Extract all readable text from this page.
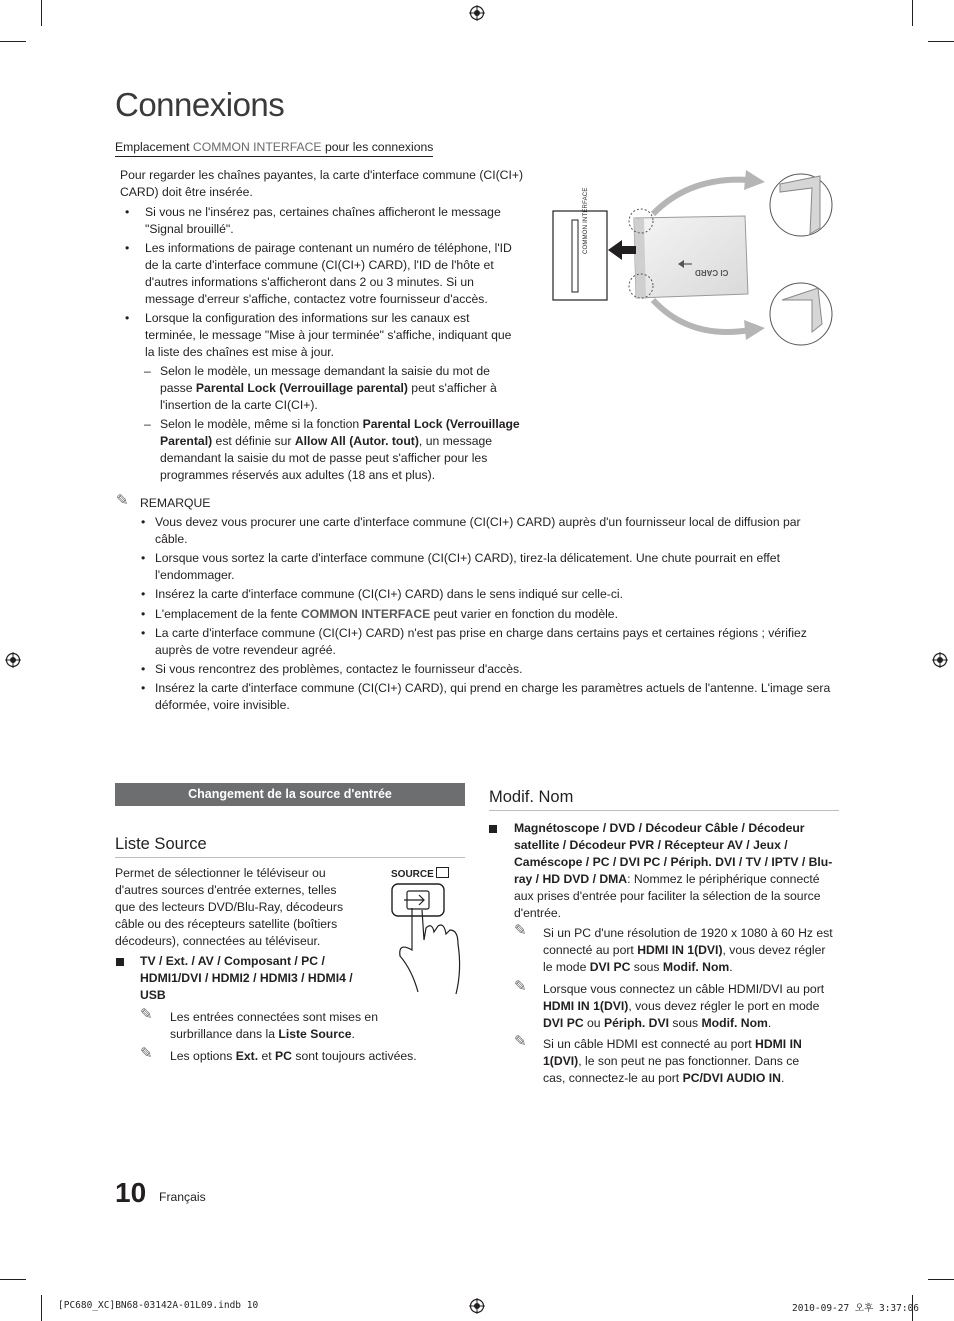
Connexions
Emplacement COMMON INTERFACE pour les connexions
Pour regarder les chaînes payantes, la carte d'interface commune (CI(CI+) CARD) doit être insérée.
• Si vous ne l'insérez pas, certaines chaînes afficheront le message "Signal brouillé".
• Les informations de pairage contenant un numéro de téléphone, l'ID de la carte d'interface commune (CI(CI+) CARD), l'ID de l'hôte et d'autres informations s'afficheront dans 2 ou 3 minutes. Si un message d'erreur s'affiche, contactez votre fournisseur d'accès.
• Lorsque la configuration des informations sur les canaux est terminée, le message "Mise à jour terminée" s'affiche, indiquant que la liste des chaînes est mise à jour.
– Selon le modèle, un message demandant la saisie du mot de passe Parental Lock (Verrouillage parental) peut s'afficher à l'insertion de la carte CI(CI+).
– Selon le modèle, même si la fonction Parental Lock (Verrouillage Parental) est définie sur Allow All (Autor. tout), un message demandant la saisie du mot de passe peut s'afficher pour les programmes réservés aux adultes (18 ans et plus).
COMMON INTERFACE
CI CARD
✎ REMARQUE
• Vous devez vous procurer une carte d'interface commune (CI(CI+) CARD) auprès d'un fournisseur local de diffusion par câble.
• Lorsque vous sortez la carte d'interface commune (CI(CI+) CARD), tirez-la délicatement. Une chute pourrait en effet l'endommager.
• Insérez la carte d'interface commune (CI(CI+) CARD) dans le sens indiqué sur celle-ci.
• L'emplacement de la fente COMMON INTERFACE peut varier en fonction du modèle.
• La carte d'interface commune (CI(CI+) CARD) n'est pas prise en charge dans certains pays et certaines régions ; vérifiez auprès de votre revendeur agréé.
• Si vous rencontrez des problèmes, contactez le fournisseur d'accès.
• Insérez la carte d'interface commune (CI(CI+) CARD), qui prend en charge les paramètres actuels de l'antenne. L'image sera déformée, voire invisible.
Changement de la source d'entrée
Liste Source
Permet de sélectionner le téléviseur ou d'autres sources d'entrée externes, telles que des lecteurs DVD/Blu-Ray, décodeurs câble ou des récepteurs satellite (boîtiers décodeurs), connectées au téléviseur.
SOURCE
TV / Ext. / AV / Composant / PC / HDMI1/DVI / HDMI2 / HDMI3 / HDMI4 / USB
✎ Les entrées connectées sont mises en surbrillance dans la Liste Source.
✎ Les options Ext. et PC sont toujours activées.
Modif. Nom
Magnétoscope / DVD / Décodeur Câble / Décodeur satellite / Décodeur PVR / Récepteur AV / Jeux / Caméscope / PC / DVI PC / Périph. DVI / TV / IPTV / Blu-ray / HD DVD / DMA: Nommez le périphérique connecté aux prises d'entrée pour faciliter la sélection de la source d'entrée.
✎ Si un PC d'une résolution de 1920 x 1080 à 60 Hz est connecté au port HDMI IN 1(DVI), vous devez régler le mode DVI PC sous Modif. Nom.
✎ Lorsque vous connectez un câble HDMI/DVI au port HDMI IN 1(DVI), vous devez régler le port en mode DVI PC ou Périph. DVI sous Modif. Nom.
✎ Si un câble HDMI est connecté au port HDMI IN 1(DVI), le son peut ne pas fonctionner. Dans ce cas, connectez-le au port PC/DVI AUDIO IN.
10 Français
[PC680_XC]BN68-03142A-01L09.indb 10	2010-09-27 오후 3:37:06
